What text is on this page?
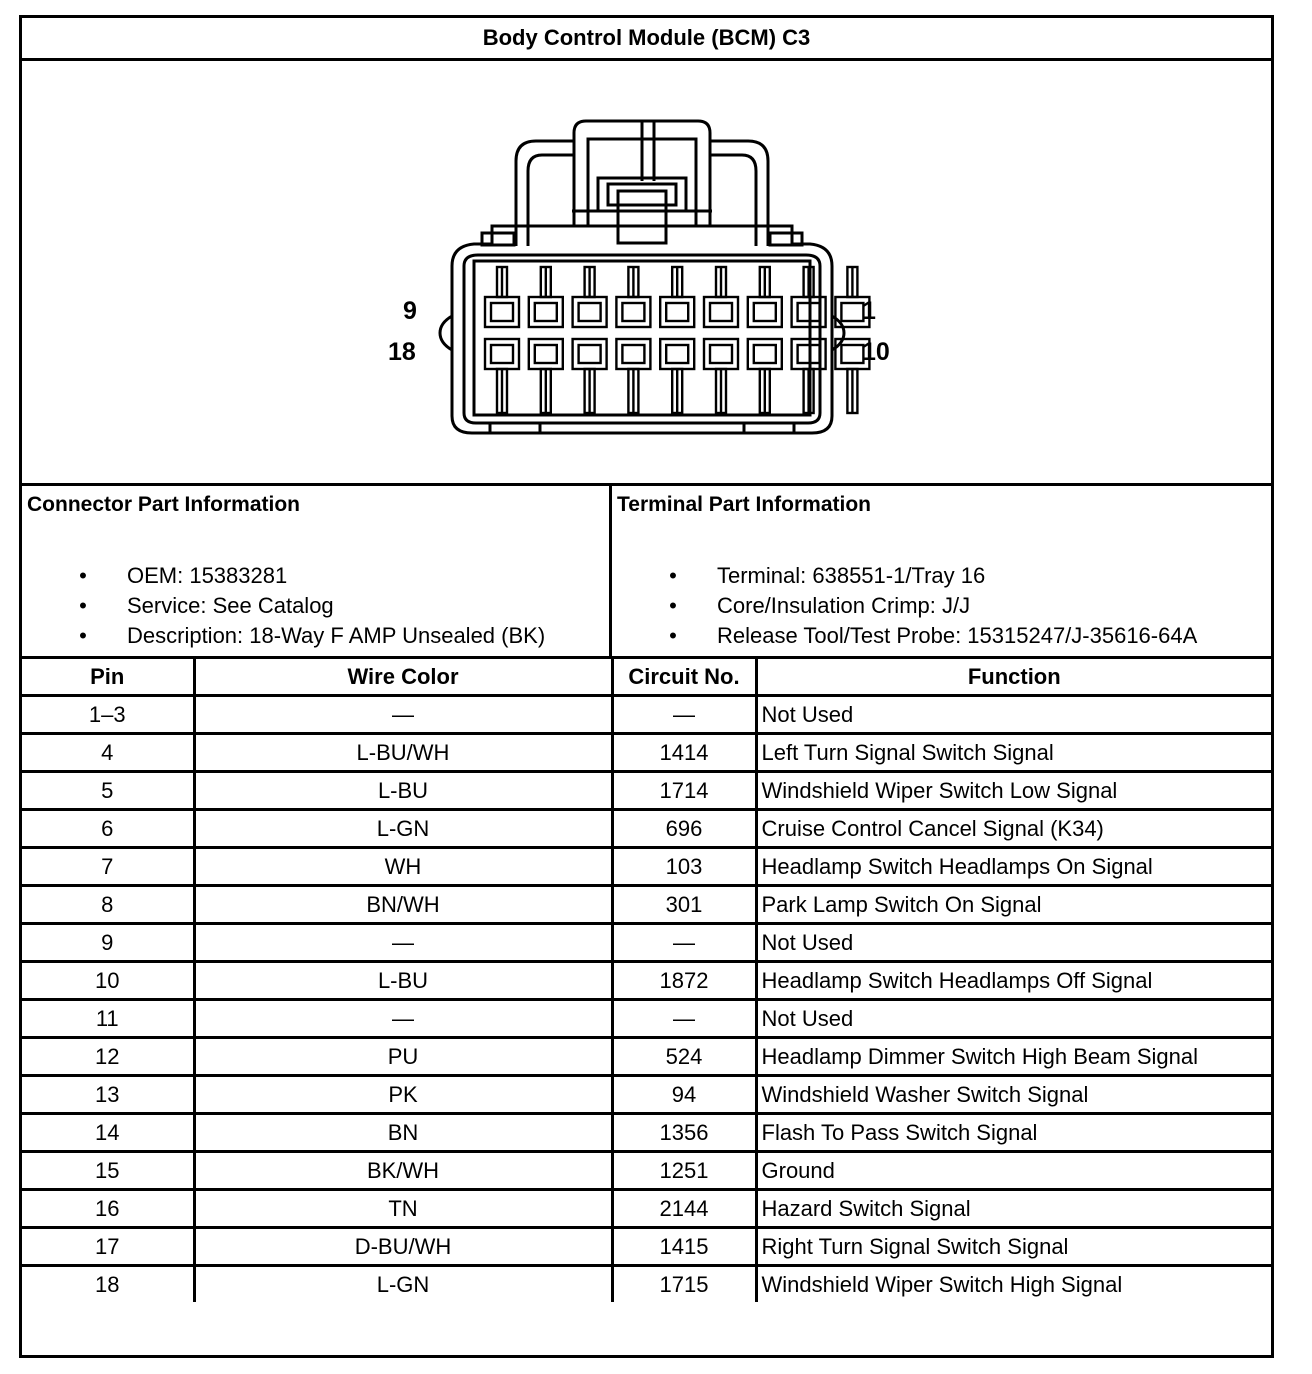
Body Control Module (BCM) C3
9
18
1
10
Connector Part Information
• OEM: 15383281
• Service: See Catalog
• Description: 18-Way F AMP Unsealed (BK)
Terminal Part Information
• Terminal: 638551-1/Tray 16
• Core/Insulation Crimp: J/J
• Release Tool/Test Probe: 15315247/J-35616-64A
Pin	Wire Color	Circuit No.	Function
1–3	—	—	Not Used
4	L-BU/WH	1414	Left Turn Signal Switch Signal
5	L-BU	1714	Windshield Wiper Switch Low Signal
6	L-GN	696	Cruise Control Cancel Signal (K34)
7	WH	103	Headlamp Switch Headlamps On Signal
8	BN/WH	301	Park Lamp Switch On Signal
9	—	—	Not Used
10	L-BU	1872	Headlamp Switch Headlamps Off Signal
11	—	—	Not Used
12	PU	524	Headlamp Dimmer Switch High Beam Signal
13	PK	94	Windshield Washer Switch Signal
14	BN	1356	Flash To Pass Switch Signal
15	BK/WH	1251	Ground
16	TN	2144	Hazard Switch Signal
17	D-BU/WH	1415	Right Turn Signal Switch Signal
18	L-GN	1715	Windshield Wiper Switch High Signal
